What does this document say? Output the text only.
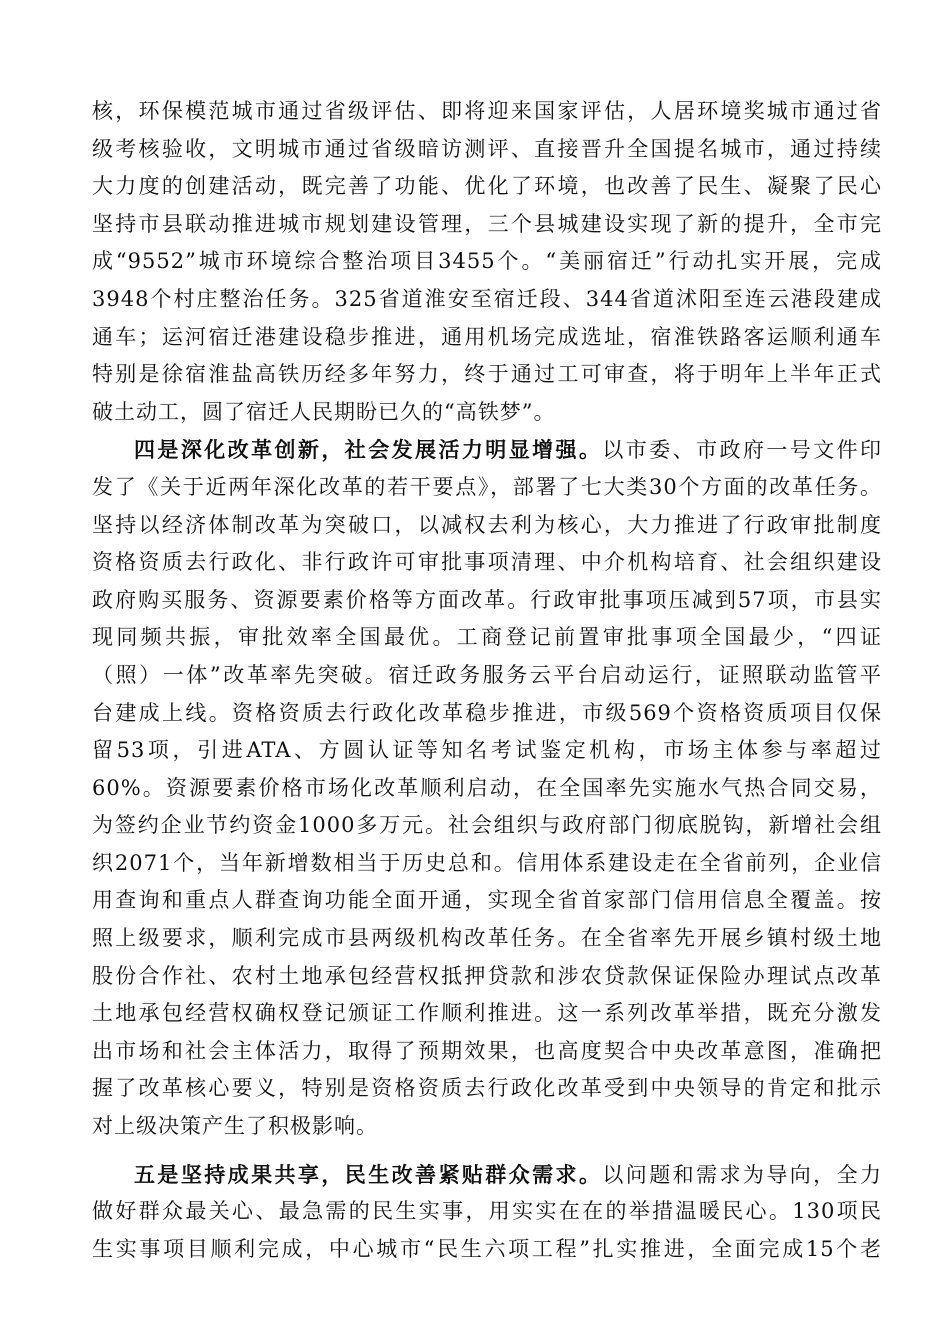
核，环保模范城市通过省级评估、即将迎来国家评估，人居环境奖城市通过省
级考核验收，文明城市通过省级暗访测评、直接晋升全国提名城市，通过持续
大力度的创建活动，既完善了功能、优化了环境，也改善了民生、凝聚了民心
坚持市县联动推进城市规划建设管理，三个县城建设实现了新的提升，全市完
成“9552”城市环境综合整治项目3455个。“美丽宿迁”行动扎实开展，完成
3948个村庄整治任务。325省道淮安至宿迁段、344省道沭阳至连云港段建成
通车；运河宿迁港建设稳步推进，通用机场完成选址，宿淮铁路客运顺利通车
特别是徐宿淮盐高铁历经多年努力，终于通过工可审查，将于明年上半年正式
破土动工，圆了宿迁人民期盼已久的“高铁梦”。
四是深化改革创新，社会发展活力明显增强。以市委、市政府一号文件印
发了《关于近两年深化改革的若干要点》，部署了七大类30个方面的改革任务。
坚持以经济体制改革为突破口，以减权去利为核心，大力推进了行政审批制度
资格资质去行政化、非行政许可审批事项清理、中介机构培育、社会组织建设
政府购买服务、资源要素价格等方面改革。行政审批事项压减到57项，市县实
现同频共振，审批效率全国最优。工商登记前置审批事项全国最少，“四证
（照）一体”改革率先突破。宿迁政务服务云平台启动运行，证照联动监管平
台建成上线。资格资质去行政化改革稳步推进，市级569个资格资质项目仅保
留53项，引进ATA、方圆认证等知名考试鉴定机构，市场主体参与率超过
60%。资源要素价格市场化改革顺利启动，在全国率先实施水气热合同交易，
为签约企业节约资金1000多万元。社会组织与政府部门彻底脱钩，新增社会组
织2071个，当年新增数相当于历史总和。信用体系建设走在全省前列，企业信
用查询和重点人群查询功能全面开通，实现全省首家部门信用信息全覆盖。按
照上级要求，顺利完成市县两级机构改革任务。在全省率先开展乡镇村级土地
股份合作社、农村土地承包经营权抵押贷款和涉农贷款保证保险办理试点改革
土地承包经营权确权登记颁证工作顺利推进。这一系列改革举措，既充分激发
出市场和社会主体活力，取得了预期效果，也高度契合中央改革意图，准确把
握了改革核心要义，特别是资格资质去行政化改革受到中央领导的肯定和批示
对上级决策产生了积极影响。
五是坚持成果共享，民生改善紧贴群众需求。以问题和需求为导向，全力
做好群众最关心、最急需的民生实事，用实实在在的举措温暖民心。130项民
生实事项目顺利完成，中心城市“民生六项工程”扎实推进，全面完成15个老
